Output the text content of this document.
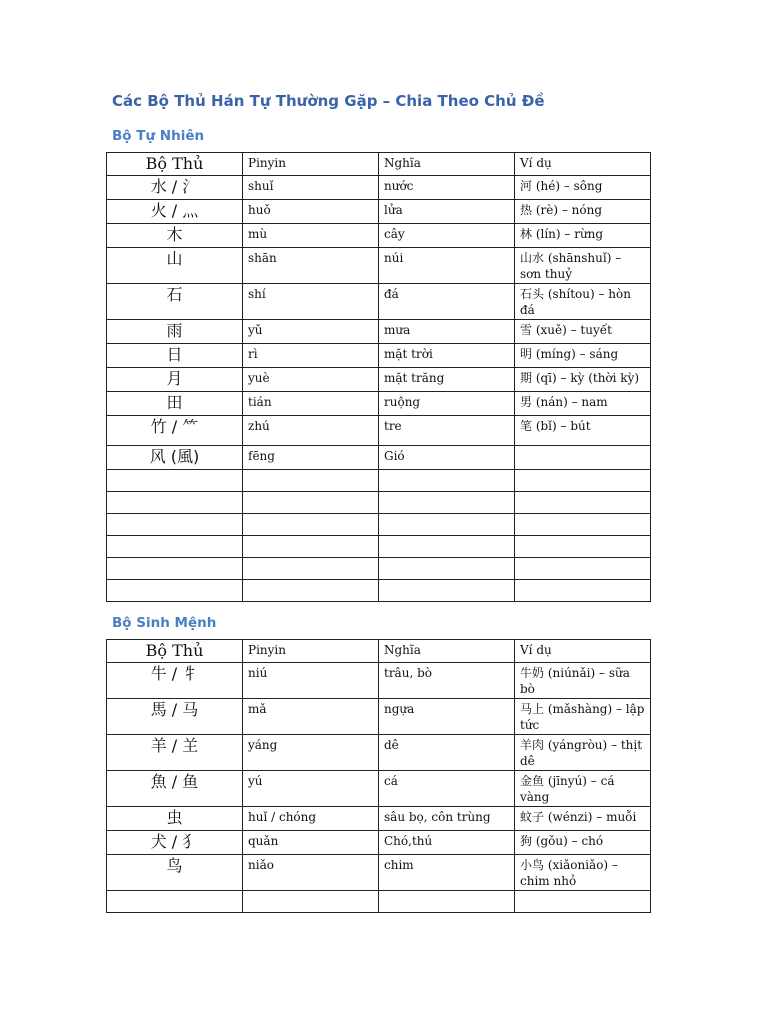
Các Bộ Thủ Hán Tự Thường Gặp – Chia Theo Chủ Đề
Bộ Tự Nhiên
Bộ Thủ	Pinyin	Nghĩa	Ví dụ
水 / 氵	shuǐ	nước	河 (hé) – sông
火 / 灬	huǒ	lửa	热 (rè) – nóng
木	mù	cây	林 (lín) – rừng
山	shān	núi	山水 (shānshuǐ) – sơn thuỷ
石	shí	đá	石头 (shítou) – hòn đá
雨	yǔ	mưa	雪 (xuě) – tuyết
日	rì	mặt trời	明 (míng) – sáng
月	yuè	mặt trăng	期 (qī) – kỳ (thời kỳ)
田	tián	ruộng	男 (nán) – nam
竹 / ⺮	zhú	tre	笔 (bǐ) – bút
风 (風)	fēng	Gió	

Bộ Sinh Mệnh
Bộ Thủ	Pinyin	Nghĩa	Ví dụ
牛 / 牜	niú	trâu, bò	牛奶 (niúnǎi) – sữa bò
馬 / 马	mǎ	ngựa	马上 (mǎshàng) – lập tức
羊 / 𦍌	yáng	dê	羊肉 (yángròu) – thịt dê
魚 / 鱼	yú	cá	金鱼 (jīnyú) – cá vàng
虫	huǐ / chóng	sâu bọ, côn trùng	蚊子 (wénzi) – muỗi
犬 / 犭	quǎn	Chó,thú	狗 (gǒu) – chó
鸟	niǎo	chim	小鸟 (xiǎoniǎo) – chim nhỏ
